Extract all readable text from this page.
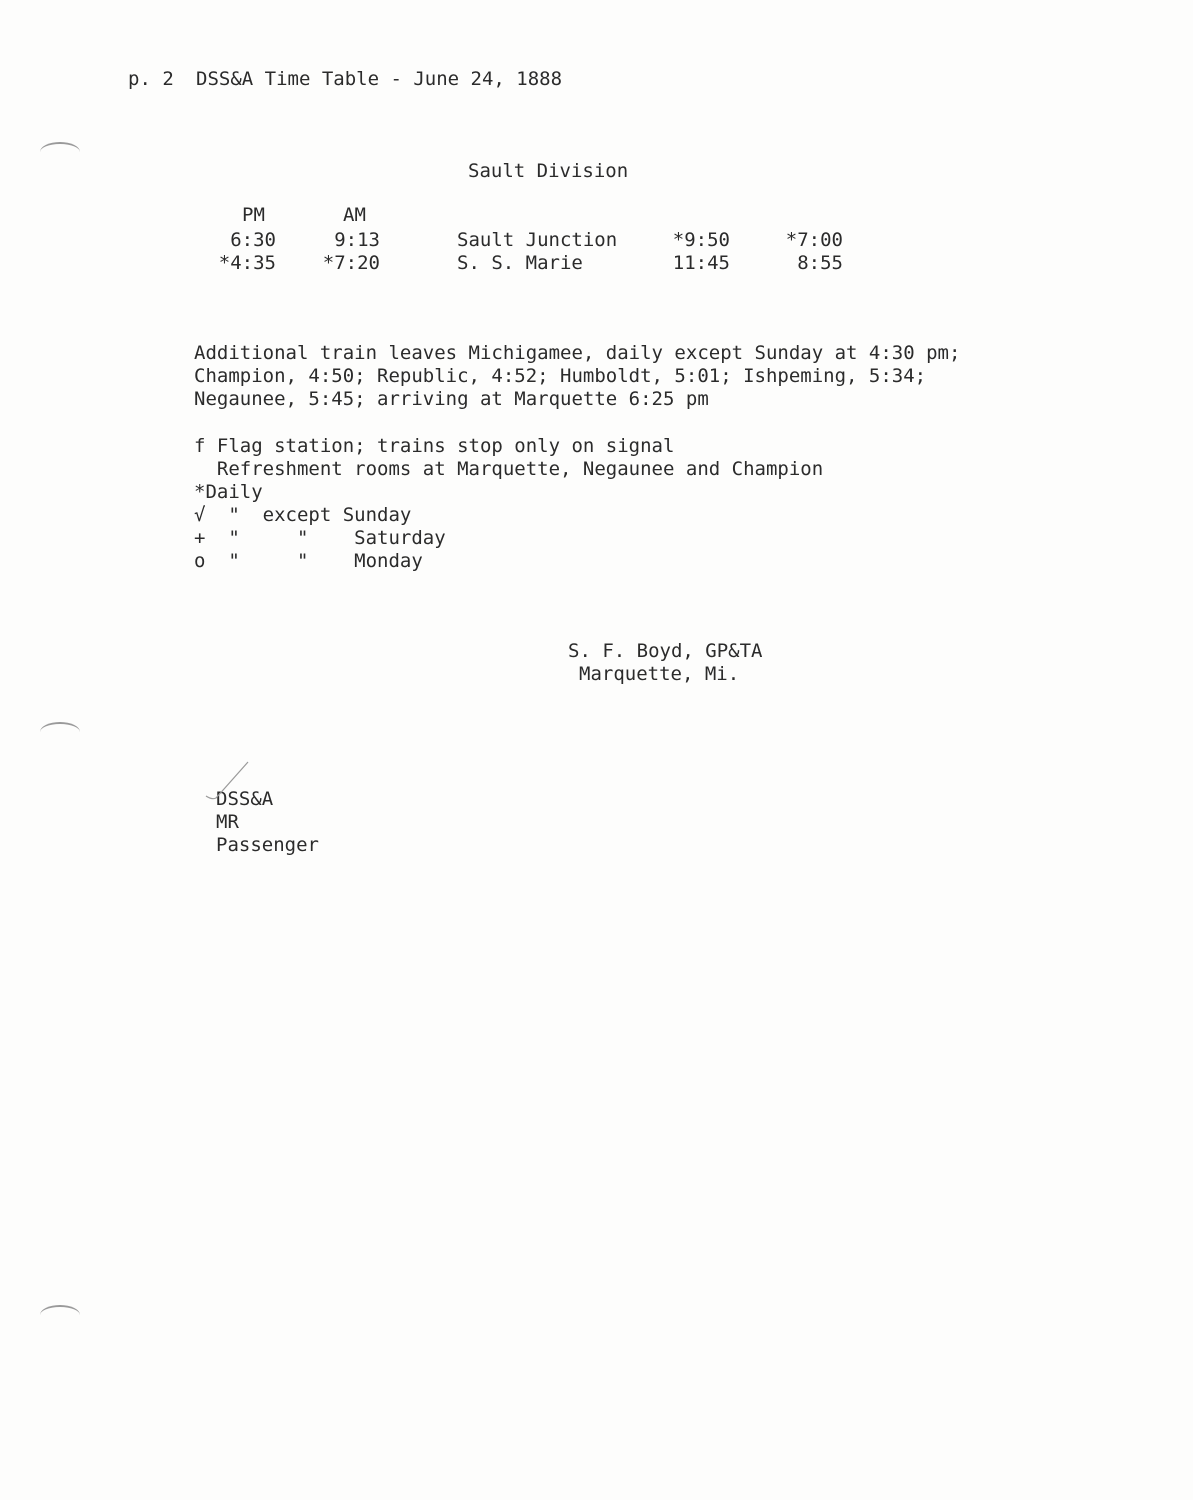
p. 2 DSS&A Time Table - June 24, 1888
Sault Division
PM	AM
6:30	9:13	Sault Junction	*9:50	*7:00
*4:35	*7:20	S. S. Marie	11:45	8:55
Additional train leaves Michigamee, daily except Sunday at 4:30 pm;
Champion, 4:50; Republic, 4:52; Humboldt, 5:01; Ishpeming, 5:34;
Negaunee, 5:45; arriving at Marquette 6:25 pm
f Flag station; trains stop only on signal
Refreshment rooms at Marquette, Negaunee and Champion
*Daily
√  "  except Sunday
+  "     "    Saturday
o  "     "    Monday
S. F. Boyd, GP&TA
Marquette, Mi.
DSS&A
MR
Passenger
